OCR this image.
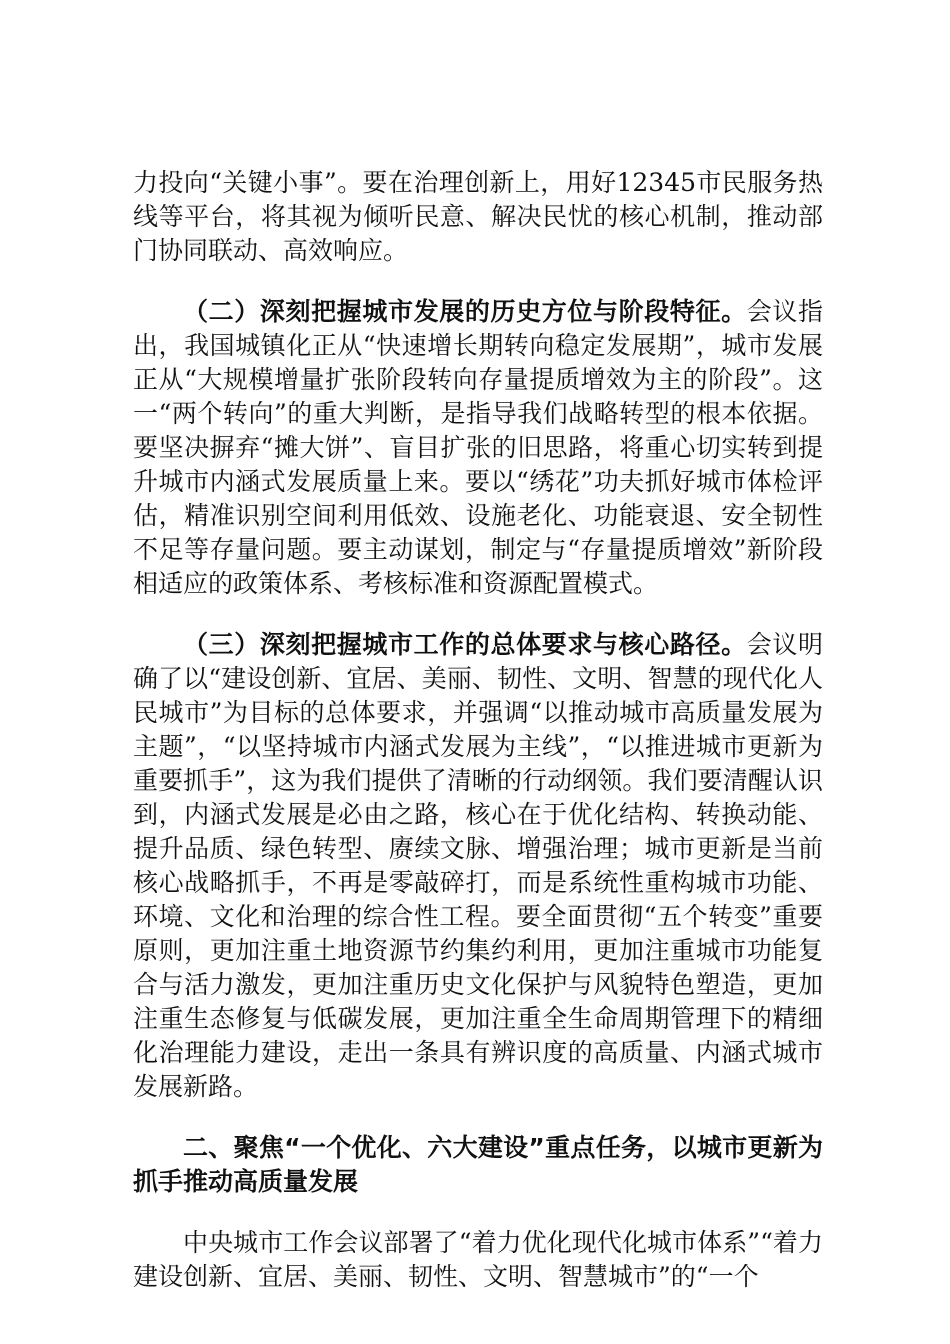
力投向“关键小事”。要在治理创新上，用好12345市民服务热线等平台，将其视为倾听民意、解决民忧的核心机制，推动部门协同联动、高效响应。

（二）深刻把握城市发展的历史方位与阶段特征。会议指出，我国城镇化正从“快速增长期转向稳定发展期”，城市发展正从“大规模增量扩张阶段转向存量提质增效为主的阶段”。这一“两个转向”的重大判断，是指导我们战略转型的根本依据。要坚决摒弃“摊大饼”、盲目扩张的旧思路，将重心切实转到提升城市内涵式发展质量上来。要以“绣花”功夫抓好城市体检评估，精准识别空间利用低效、设施老化、功能衰退、安全韧性不足等存量问题。要主动谋划，制定与“存量提质增效”新阶段相适应的政策体系、考核标准和资源配置模式。

（三）深刻把握城市工作的总体要求与核心路径。会议明确了以“建设创新、宜居、美丽、韧性、文明、智慧的现代化人民城市”为目标的总体要求，并强调“以推动城市高质量发展为主题”，“以坚持城市内涵式发展为主线”，“以推进城市更新为重要抓手”，这为我们提供了清晰的行动纲领。我们要清醒认识到，内涵式发展是必由之路，核心在于优化结构、转换动能、提升品质、绿色转型、赓续文脉、增强治理；城市更新是当前核心战略抓手，不再是零敲碎打，而是系统性重构城市功能、环境、文化和治理的综合性工程。要全面贯彻“五个转变”重要原则，更加注重土地资源节约集约利用，更加注重城市功能复合与活力激发，更加注重历史文化保护与风貌特色塑造，更加注重生态修复与低碳发展，更加注重全生命周期管理下的精细化治理能力建设，走出一条具有辨识度的高质量、内涵式城市发展新路。

二、聚焦“一个优化、六大建设”重点任务，以城市更新为抓手推动高质量发展

中央城市工作会议部署了“着力优化现代化城市体系”“着力建设创新、宜居、美丽、韧性、文明、智慧城市”的“一个
